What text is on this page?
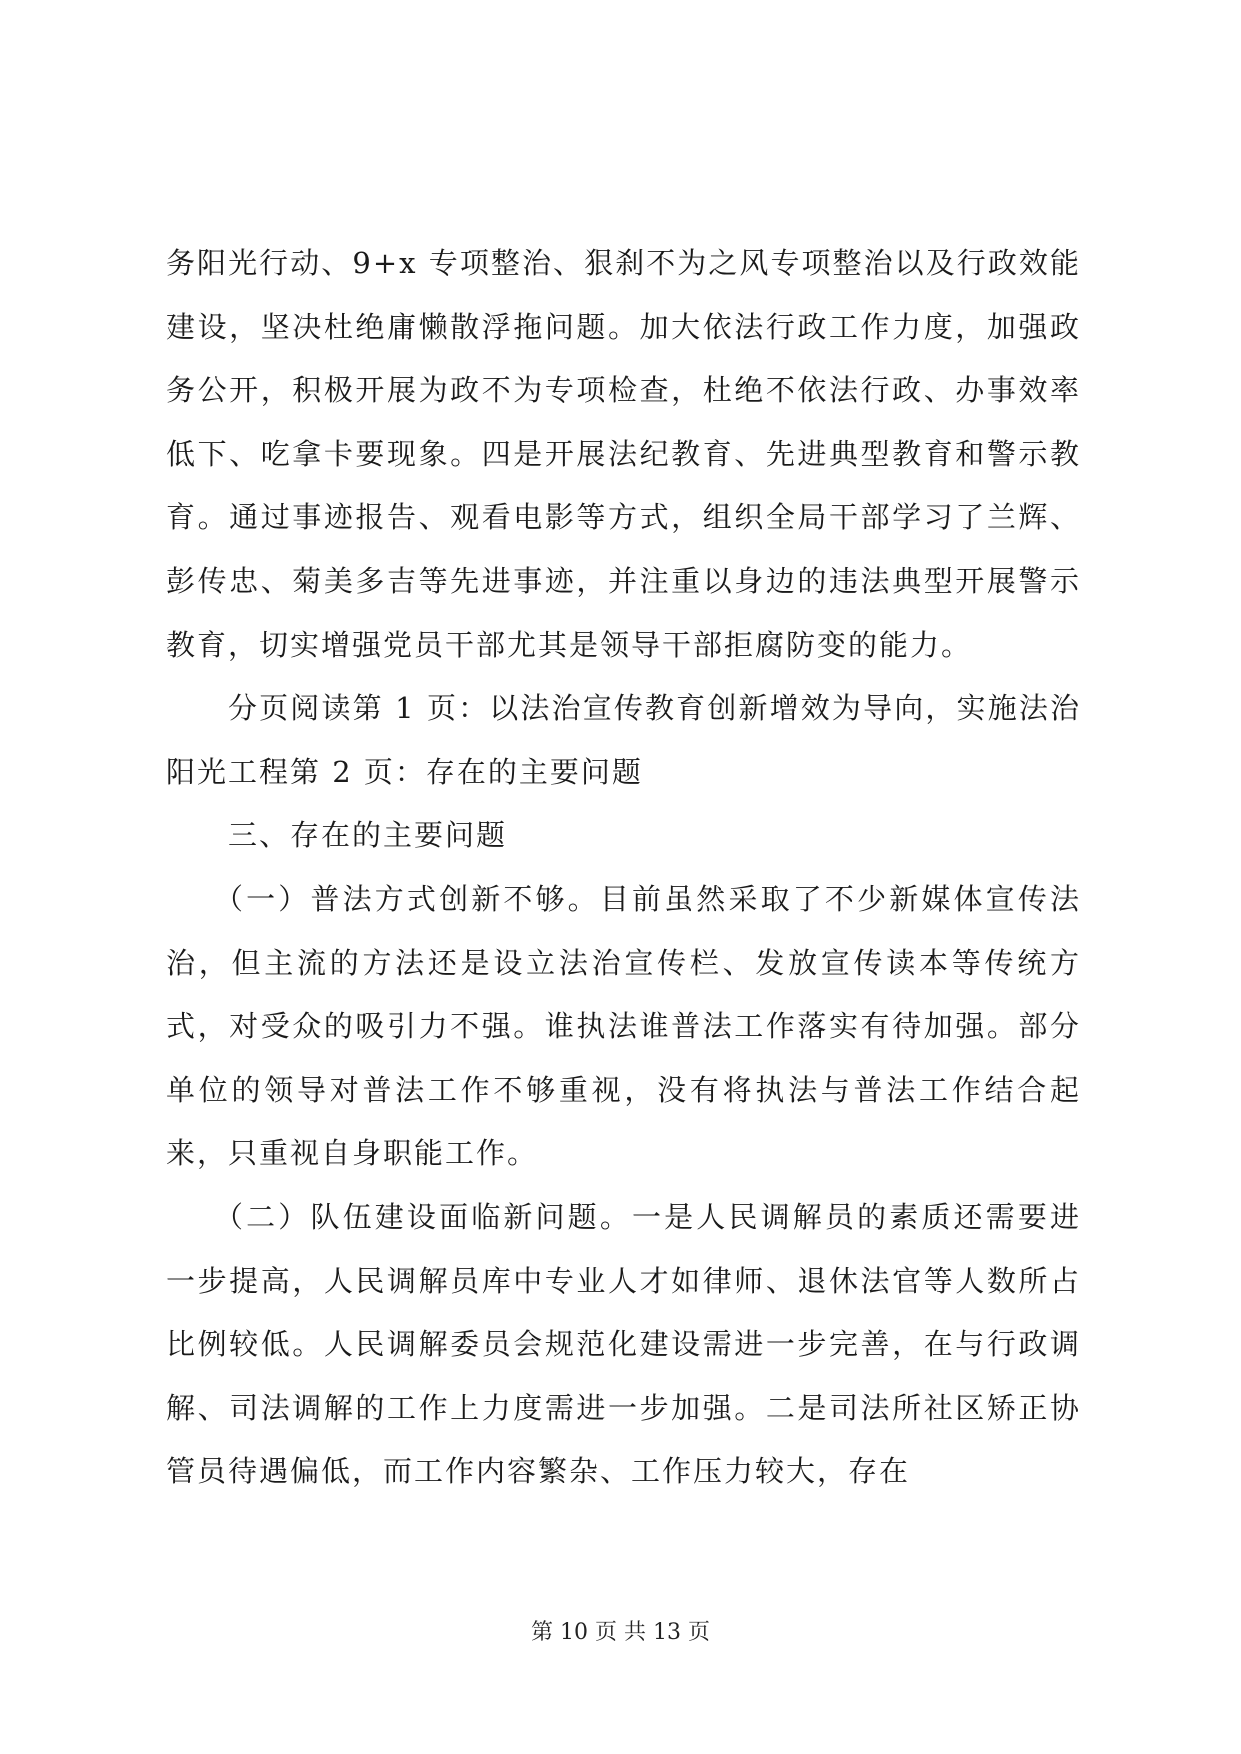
务阳光行动、9+x 专项整治、狠刹不为之风专项整治以及行政效能建设，坚决杜绝庸懒散浮拖问题。加大依法行政工作力度，加强政务公开，积极开展为政不为专项检查，杜绝不依法行政、办事效率低下、吃拿卡要现象。四是开展法纪教育、先进典型教育和警示教育。通过事迹报告、观看电影等方式，组织全局干部学习了兰辉、彭传忠、菊美多吉等先进事迹，并注重以身边的违法典型开展警示教育，切实增强党员干部尤其是领导干部拒腐防变的能力。

分页阅读第 1 页：以法治宣传教育创新增效为导向，实施法治阳光工程第 2 页：存在的主要问题

三、存在的主要问题

（一）普法方式创新不够。目前虽然采取了不少新媒体宣传法治，但主流的方法还是设立法治宣传栏、发放宣传读本等传统方式，对受众的吸引力不强。谁执法谁普法工作落实有待加强。部分单位的领导对普法工作不够重视，没有将执法与普法工作结合起来，只重视自身职能工作。

（二）队伍建设面临新问题。一是人民调解员的素质还需要进一步提高，人民调解员库中专业人才如律师、退休法官等人数所占比例较低。人民调解委员会规范化建设需进一步完善，在与行政调解、司法调解的工作上力度需进一步加强。二是司法所社区矫正协管员待遇偏低，而工作内容繁杂、工作压力较大，存在

第 10 页 共 13 页
